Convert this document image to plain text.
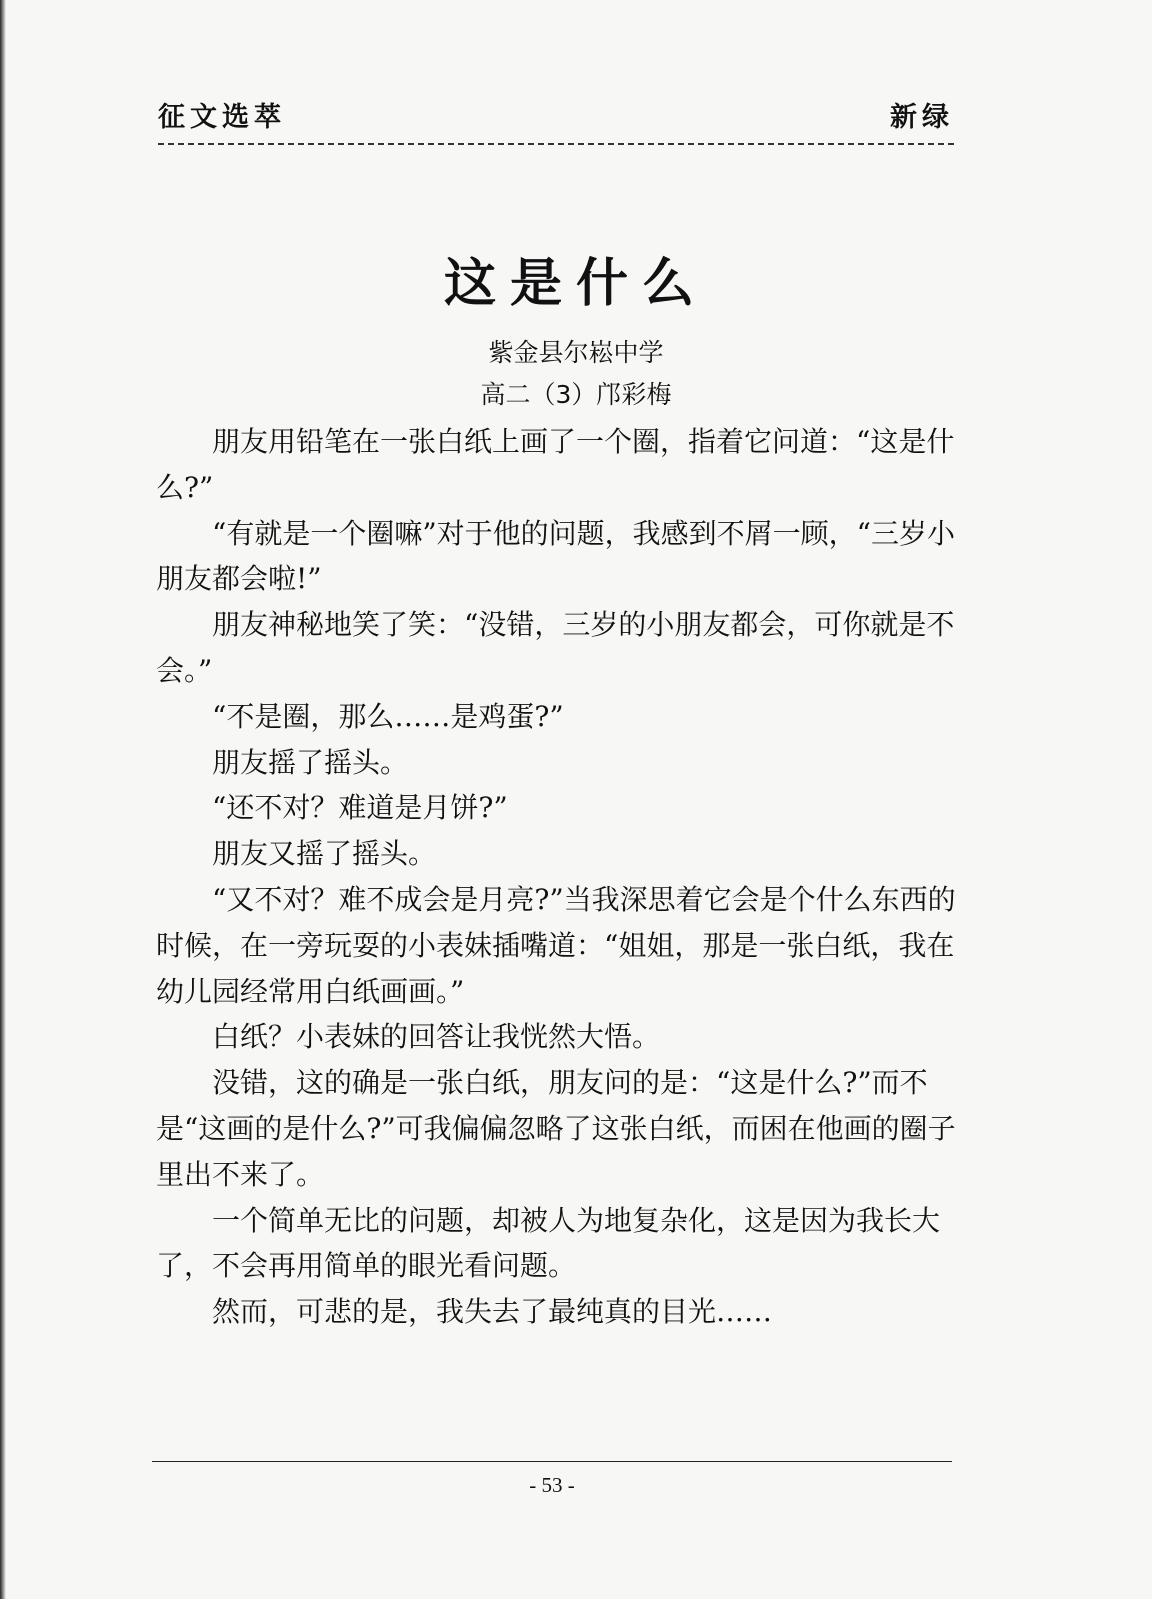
征文选萃	新绿
这是什么
紫金县尔崧中学
高二（3）邝彩梅

朋友用铅笔在一张白纸上画了一个圈，指着它问道：“这是什么?”

“有就是一个圈嘛”对于他的问题，我感到不屑一顾，“三岁小朋友都会啦!”

朋友神秘地笑了笑：“没错，三岁的小朋友都会，可你就是不会。”

“不是圈，那么……是鸡蛋?”

朋友摇了摇头。

“还不对？难道是月饼?”

朋友又摇了摇头。

“又不对？难不成会是月亮?”当我深思着它会是个什么东西的时候，在一旁玩耍的小表妹插嘴道：“姐姐，那是一张白纸，我在幼儿园经常用白纸画画。”

白纸？小表妹的回答让我恍然大悟。

没错，这的确是一张白纸，朋友问的是：“这是什么?”而不是“这画的是什么?”可我偏偏忽略了这张白纸，而困在他画的圈子里出不来了。

一个简单无比的问题，却被人为地复杂化，这是因为我长大了，不会再用简单的眼光看问题。

然而，可悲的是，我失去了最纯真的目光……

- 53 -
